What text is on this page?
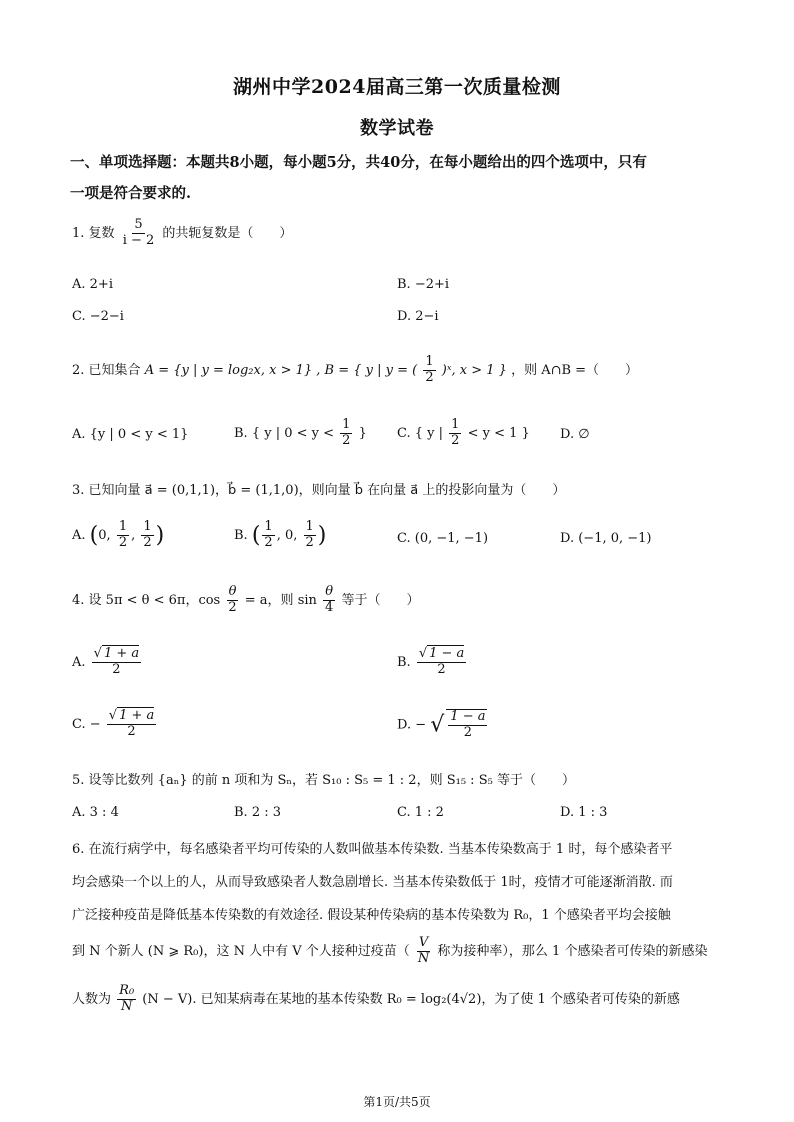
湖州中学2024届高三第一次质量检测
数学试卷
一、单项选择题：本题共8小题，每小题5分，共40分，在每小题给出的四个选项中，只有
一项是符合要求的.
1. 复数 $\frac{5}{i - 2}$ 的共轭复数是（　　）
A. 2+i	B. −2+i
C. −2−i	D. 2−i
2. 已知集合 A = {y | y = log₂x, x > 1} , B = { y | y = ( $\frac{1}{2}$ )ˣ, x > 1 } ，则 A∩B =（　　）
A. {y | 0 < y < 1}	B. { y | $0 < y < \frac{1}{2}$ } C. { y | $\frac{1}{2} < y < 1$ } D. ∅
3. 已知向量 a⃗ = (0,1,1)，b⃗ = (1,1,0)，则向量 b⃗ 在向量 a⃗ 上的投影向量为（　　）
A. (0, $\frac{1}{2}$ , $\frac{1}{2}$ )	B. ( $\frac{1}{2}$ , 0, $\frac{1}{2}$ )	C. (0, −1, −1)	D. (−1, 0, −1)
4. 设 5π < θ < 6π，$\cos \frac{\theta}{2} = a$，则 $\sin \frac{\theta}{4}$ 等于（　　）
A. $\frac{√ 1 + a}{2}$	B. $\frac{√ 1 - a}{2}$
C. − $\frac{√ 1 + a}{2}$	D. − √ $\frac{1 - a}{2}$
5. 设等比数列 {aₙ} 的前 n 项和为 Sₙ，若 S₁₀ : S₅ = 1 : 2，则 S₁₅ : S₅ 等于（　　）
A. 3 : 4	B. 2 : 3	C. 1 : 2	D. 1 : 3
6. 在流行病学中，每名感染者平均可传染的人数叫做基本传染数. 当基本传染数高于 1 时，每个感染者平
均会感染一个以上的人，从而导致感染者人数急剧增长. 当基本传染数低于 1时，疫情才可能逐渐消散. 而
广泛接种疫苗是降低基本传染数的有效途径. 假设某种传染病的基本传染数为 R₀，1 个感染者平均会接触
到 N 个新人 (N ⩾ R₀)，这 N 人中有 V 个人接种过疫苗（ $\frac{V}{N}$ 称为接种率），那么 1 个感染者可传染的新感染
人数为 $\frac{\text{R₀}}{N} (N - V)$. 已知某病毒在某地的基本传染数 R₀ = log₂(4√2)，为了使 1 个感染者可传染的新感
第1页/共5页
